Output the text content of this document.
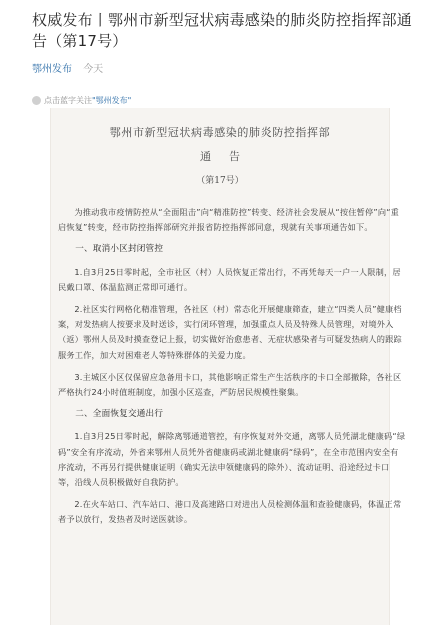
权威发布丨鄂州市新型冠状病毒感染的肺炎防控指挥部通告（第17号）
鄂州发布 今天
点击蓝字关注 "鄂州发布"
鄂州市新型冠状病毒感染的肺炎防控指挥部
通告
（第17号）

为推动我市疫情防控从“全面阻击”向“精准防控”转变、经济社会发展从“按住暂停”向“重启恢复”转变，经市防控指挥部研究并报省防控指挥部同意，现就有关事项通告如下。

一、取消小区封闭管控

1.自3月25日零时起，全市社区（村）人员恢复正常出行，不再凭每天一户一人限制，居民戴口罩、体温监测正常即可通行。

2.社区实行网格化精准管理，各社区（村）常态化开展健康筛查，建立“四类人员”健康档案，对发热病人按要求及时送诊，实行闭环管理，加强重点人员及特殊人员管理，对境外入（返）鄂州人员及时摸查登记上报，切实做好治愈患者、无症状感染者与可疑发热病人的跟踪服务工作，加大对困难老人等特殊群体的关爱力度。

3.主城区小区仅保留应急备用卡口，其他影响正常生产生活秩序的卡口全部撤除，各社区严格执行24小时值班制度，加强小区巡查，严防居民规模性聚集。

二、全面恢复交通出行

1.自3月25日零时起，解除离鄂通道管控，有序恢复对外交通，离鄂人员凭湖北健康码“绿码”安全有序流动，外省来鄂州人员凭外省健康码或湖北健康码“绿码”，在全市范围内安全有序流动，不再另行提供健康证明（确实无法申领健康码的除外）、流动证明、沿途经过卡口等，沿线人员积极做好自我防护。

2.在火车站口、汽车站口、港口及高速路口对进出人员检测体温和查验健康码，体温正常者予以放行，发热者及时送医就诊。
